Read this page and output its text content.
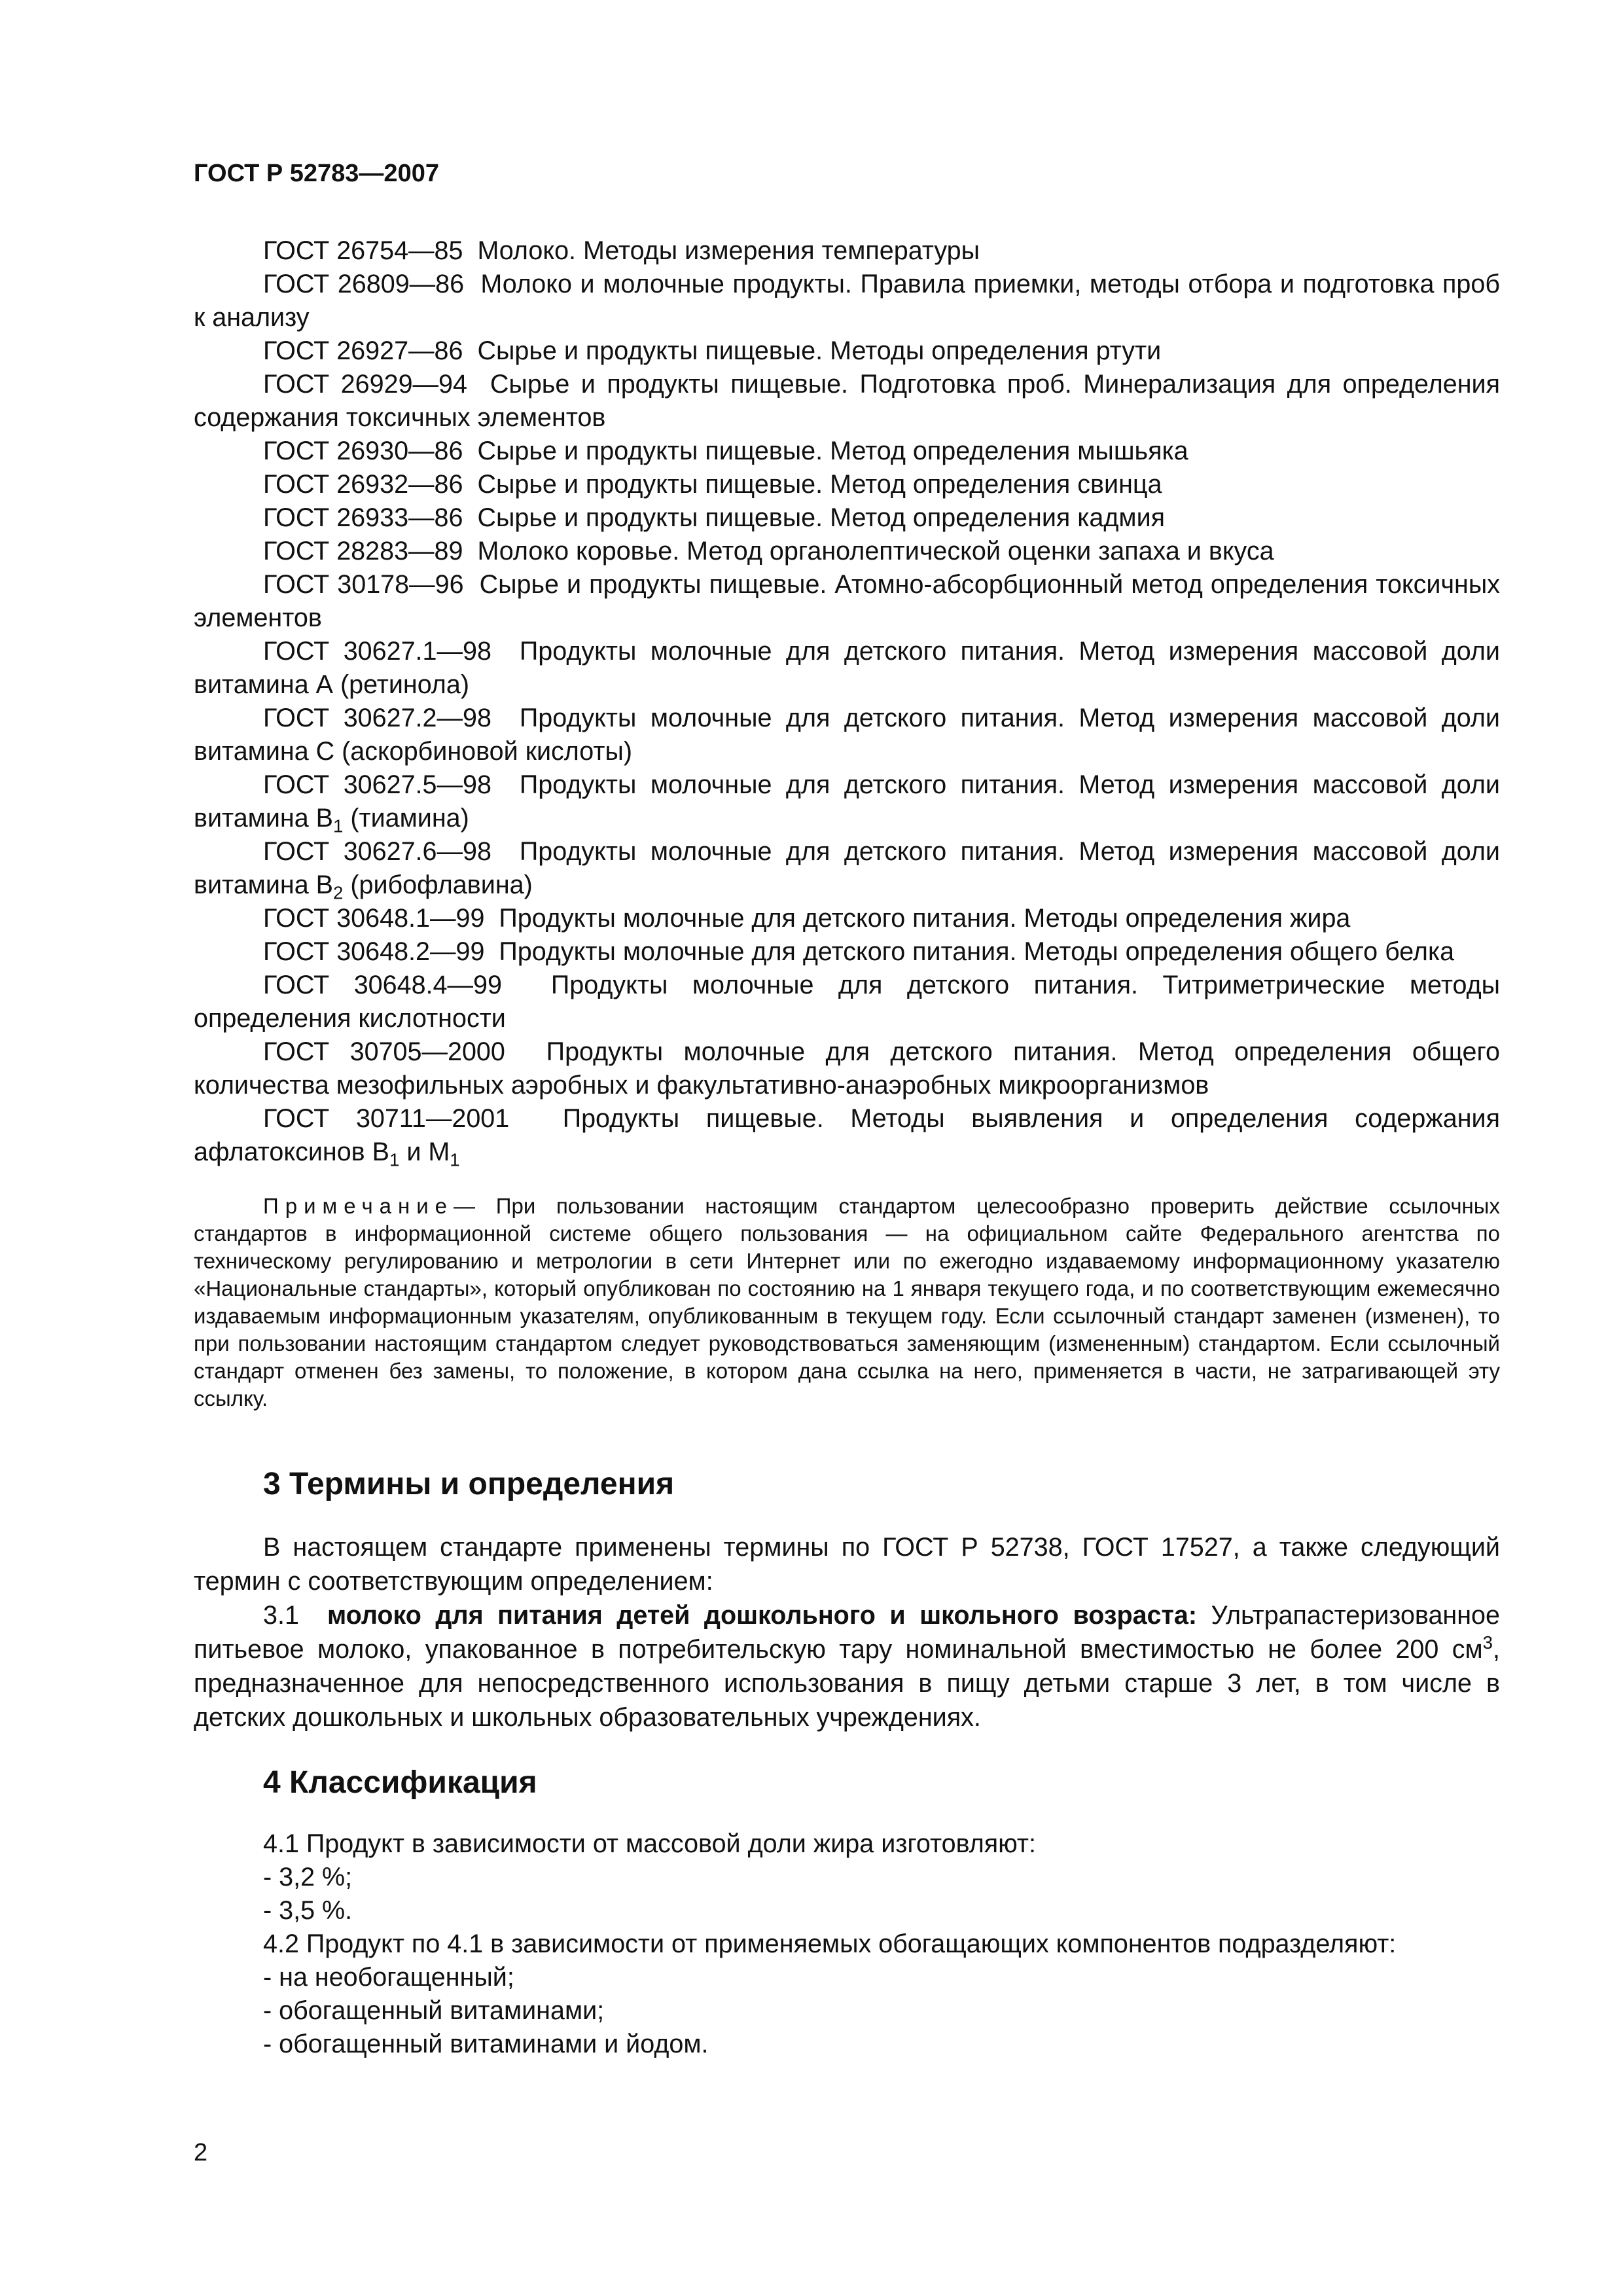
ГОСТ Р 52783—2007

ГОСТ 26754—85 Молоко. Методы измерения температуры

ГОСТ 26809—86 Молоко и молочные продукты. Правила приемки, методы отбора и подготовка проб к анализу

ГОСТ 26927—86 Сырье и продукты пищевые. Методы определения ртути

ГОСТ 26929—94 Сырье и продукты пищевые. Подготовка проб. Минерализация для определения содержания токсичных элементов

ГОСТ 26930—86 Сырье и продукты пищевые. Метод определения мышьяка

ГОСТ 26932—86 Сырье и продукты пищевые. Метод определения свинца

ГОСТ 26933—86 Сырье и продукты пищевые. Метод определения кадмия

ГОСТ 28283—89 Молоко коровье. Метод органолептической оценки запаха и вкуса

ГОСТ 30178—96 Сырье и продукты пищевые. Атомно-абсорбционный метод определения токсичных элементов

ГОСТ 30627.1—98 Продукты молочные для детского питания. Метод измерения массовой доли витамина А (ретинола)

ГОСТ 30627.2—98 Продукты молочные для детского питания. Метод измерения массовой доли витамина С (аскорбиновой кислоты)

ГОСТ 30627.5—98 Продукты молочные для детского питания. Метод измерения массовой доли витамина $В_1$ (тиамина)

ГОСТ 30627.6—98 Продукты молочные для детского питания. Метод измерения массовой доли витамина $В_2$ (рибофлавина)

ГОСТ 30648.1—99 Продукты молочные для детского питания. Методы определения жира

ГОСТ 30648.2—99 Продукты молочные для детского питания. Методы определения общего белка

ГОСТ 30648.4—99 Продукты молочные для детского питания. Титриметрические методы определения кислотности

ГОСТ 30705—2000 Продукты молочные для детского питания. Метод определения общего количества мезофильных аэробных и факультативно-анаэробных микроорганизмов

ГОСТ 30711—2001 Продукты пищевые. Методы выявления и определения содержания афлатоксинов $В_1$ и $М_1$

Примечание— При пользовании настоящим стандартом целесообразно проверить действие ссылочных стандартов в информационной системе общего пользования — на официальном сайте Федерального агентства по техническому регулированию и метрологии в сети Интернет или по ежегодно издаваемому информационному указателю «Национальные стандарты», который опубликован по состоянию на 1 января текущего года, и по соответствующим ежемесячно издаваемым информационным указателям, опубликованным в текущем году. Если ссылочный стандарт заменен (изменен), то при пользовании настоящим стандартом следует руководствоваться заменяющим (измененным) стандартом. Если ссылочный стандарт отменен без замены, то положение, в котором дана ссылка на него, применяется в части, не затрагивающей эту ссылку.

3 Термины и определения

В настоящем стандарте применены термины по ГОСТ Р 52738, ГОСТ 17527, а также следующий термин с соответствующим определением:

3.1 молоко для питания детей дошкольного и школьного возраста: Ультрапастеризованное питьевое молоко, упакованное в потребительскую тару номинальной вместимостью не более 200 $см^3$, предназначенное для непосредственного использования в пищу детьми старше 3 лет, в том числе в детских дошкольных и школьных образовательных учреждениях.

4 Классификация

4.1 Продукт в зависимости от массовой доли жира изготовляют:

- 3,2 %;

- 3,5 %.

4.2 Продукт по 4.1 в зависимости от применяемых обогащающих компонентов подразделяют:

- на необогащенный;

- обогащенный витаминами;

- обогащенный витаминами и йодом.

2
